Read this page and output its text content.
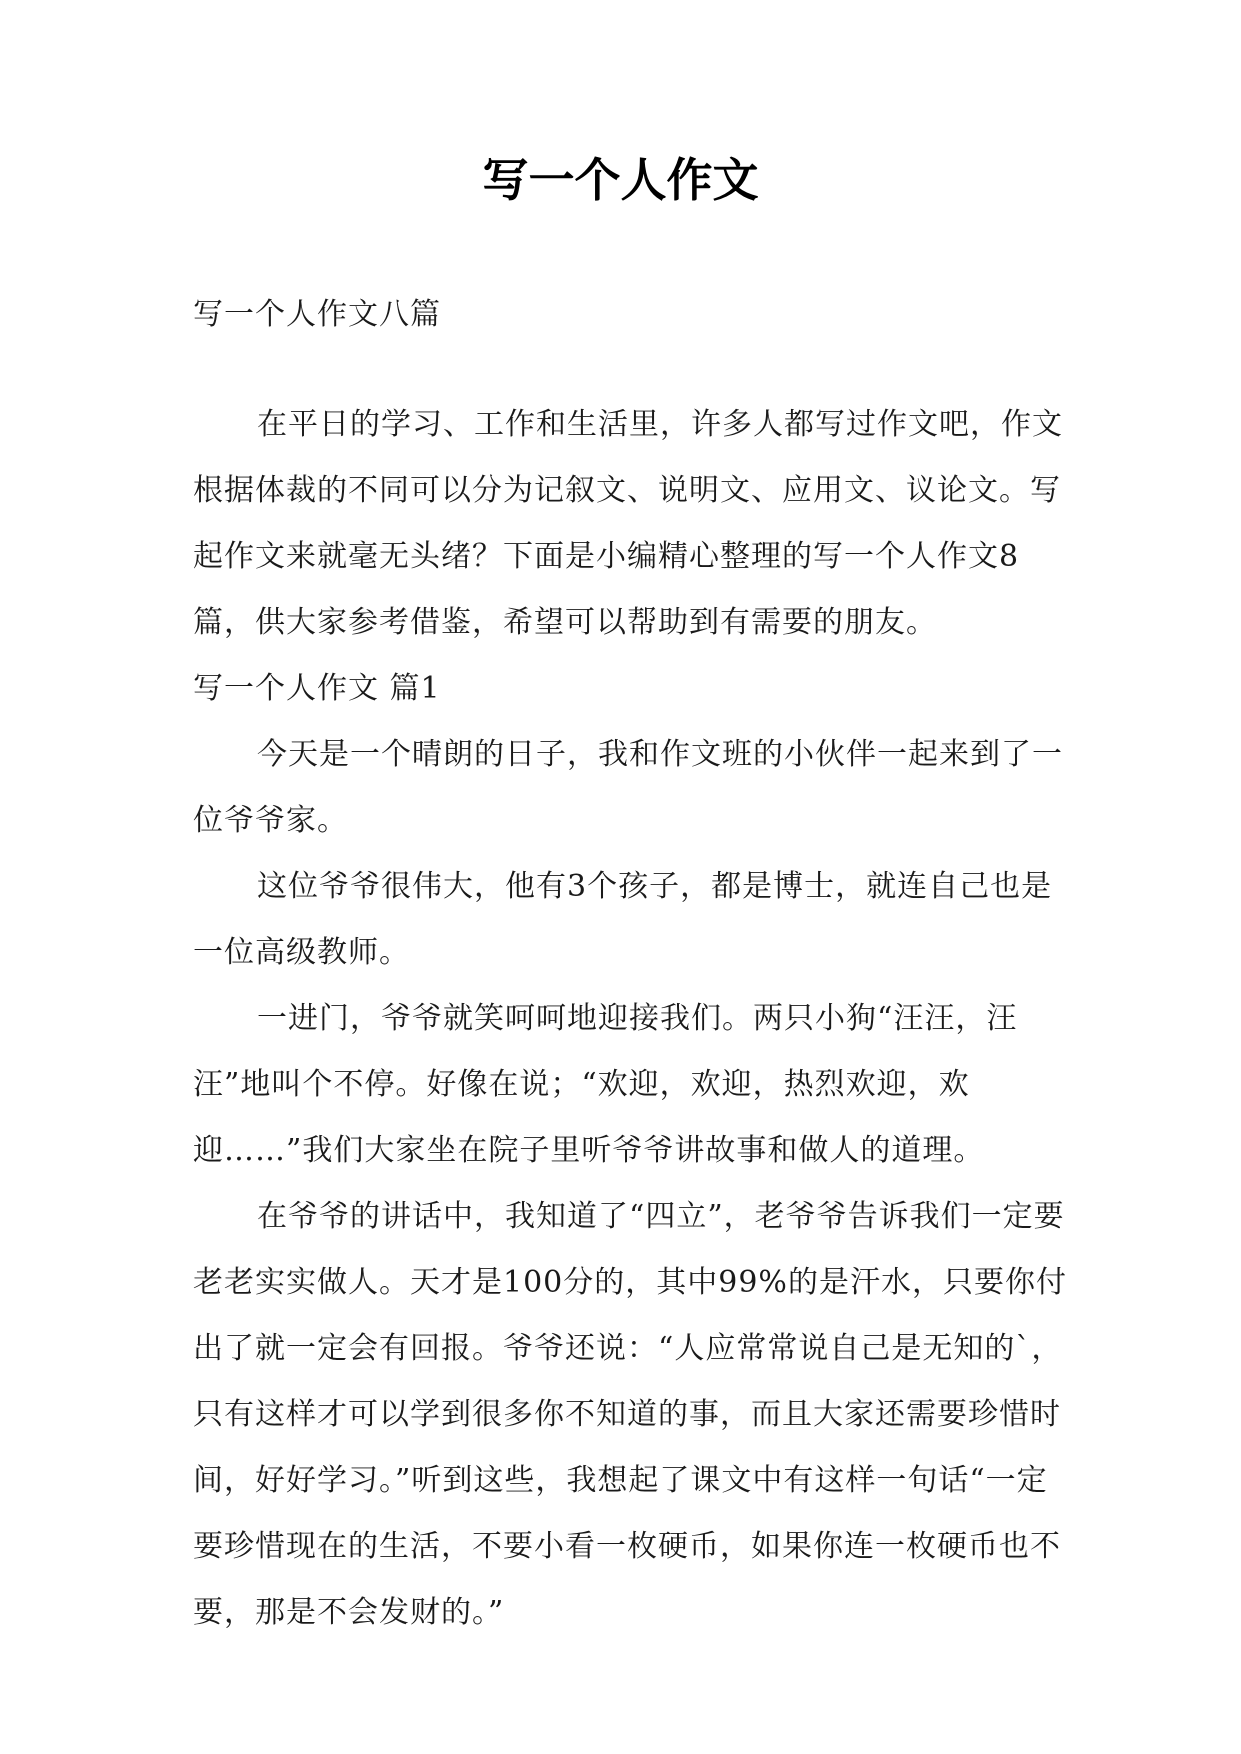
写一个人作文
写一个人作文八篇

在平日的学习、工作和生活里，许多人都写过作文吧，作文根据体裁的不同可以分为记叙文、说明文、应用文、议论文。写起作文来就毫无头绪？下面是小编精心整理的写一个人作文8篇，供大家参考借鉴，希望可以帮助到有需要的朋友。

写一个人作文 篇1

今天是一个晴朗的日子，我和作文班的小伙伴一起来到了一位爷爷家。

这位爷爷很伟大，他有3个孩子，都是博士，就连自己也是一位高级教师。

一进门，爷爷就笑呵呵地迎接我们。两只小狗“汪汪，汪汪”地叫个不停。好像在说；“欢迎，欢迎，热烈欢迎，欢迎……”我们大家坐在院子里听爷爷讲故事和做人的道理。

在爷爷的讲话中，我知道了“四立”，老爷爷告诉我们一定要老老实实做人。天才是100分的，其中99%的是汗水，只要你付出了就一定会有回报。爷爷还说：“人应常常说自己是无知的`，只有这样才可以学到很多你不知道的事，而且大家还需要珍惜时间，好好学习。”听到这些，我想起了课文中有这样一句话“一定要珍惜现在的生活，不要小看一枚硬币，如果你连一枚硬币也不要，那是不会发财的。”
